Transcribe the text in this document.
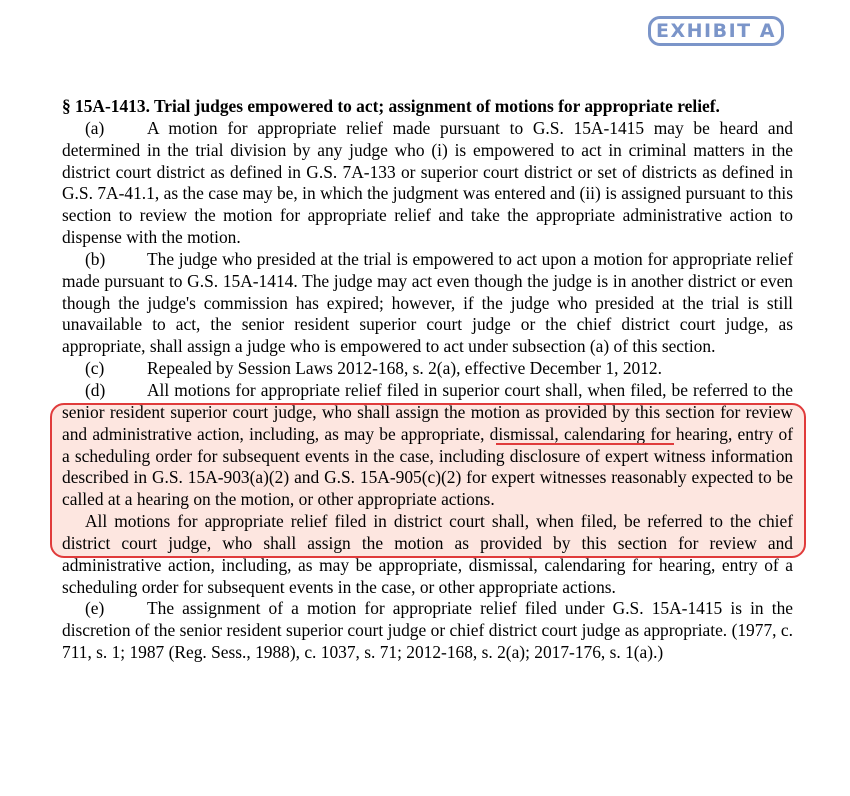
EXHIBIT A
§ 15A-1413. Trial judges empowered to act; assignment of motions for appropriate relief.
(a) A motion for appropriate relief made pursuant to G.S. 15A-1415 may be heard and determined in the trial division by any judge who (i) is empowered to act in criminal matters in the district court district as defined in G.S. 7A-133 or superior court district or set of districts as defined in G.S. 7A-41.1, as the case may be, in which the judgment was entered and (ii) is assigned pursuant to this section to review the motion for appropriate relief and take the appropriate administrative action to dispense with the motion.
(b) The judge who presided at the trial is empowered to act upon a motion for appropriate relief made pursuant to G.S. 15A-1414. The judge may act even though the judge is in another district or even though the judge's commission has expired; however, if the judge who presided at the trial is still unavailable to act, the senior resident superior court judge or the chief district court judge, as appropriate, shall assign a judge who is empowered to act under subsection (a) of this section.
(c) Repealed by Session Laws 2012-168, s. 2(a), effective December 1, 2012.
(d) All motions for appropriate relief filed in superior court shall, when filed, be referred to the senior resident superior court judge, who shall assign the motion as provided by this section for review and administrative action, including, as may be appropriate, dismissal, calendaring for hearing, entry of a scheduling order for subsequent events in the case, including disclosure of expert witness information described in G.S. 15A-903(a)(2) and G.S. 15A-905(c)(2) for expert witnesses reasonably expected to be called at a hearing on the motion, or other appropriate actions.
All motions for appropriate relief filed in district court shall, when filed, be referred to the chief district court judge, who shall assign the motion as provided by this section for review and administrative action, including, as may be appropriate, dismissal, calendaring for hearing, entry of a scheduling order for subsequent events in the case, or other appropriate actions.
(e) The assignment of a motion for appropriate relief filed under G.S. 15A-1415 is in the discretion of the senior resident superior court judge or chief district court judge as appropriate. (1977, c. 711, s. 1; 1987 (Reg. Sess., 1988), c. 1037, s. 71; 2012-168, s. 2(a); 2017-176, s. 1(a).)
